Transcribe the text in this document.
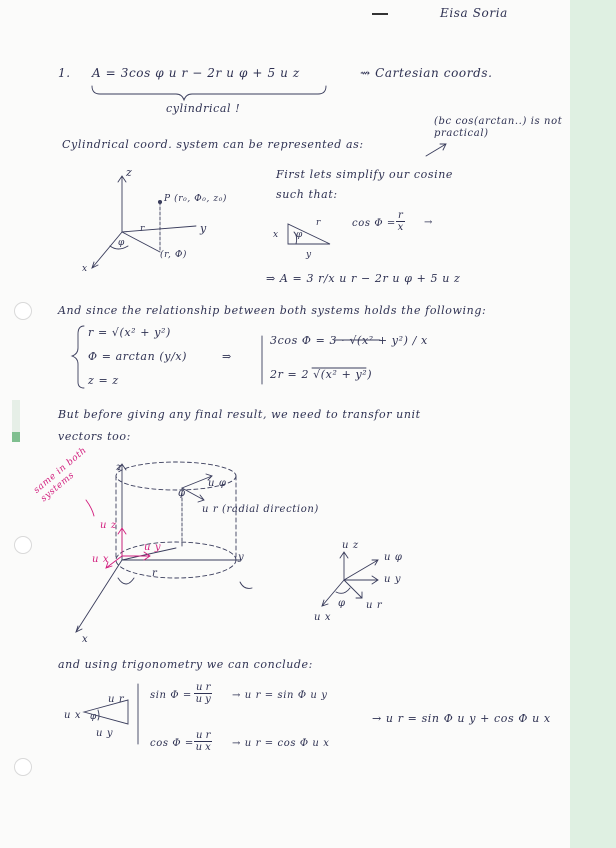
Eisa Soria
1. A = 3cos φ u r − 2r u φ + 5 u z	⇝ Cartesian coords.
cylindrical !
(bc cos(arctan..) is not practical)
Cylindrical coord. system can be represented as:
First lets simplify our cosine
such that:
z
P (r₀, Φ₀, z₀)
y
(r, Φ)
x
r
φ
r
x
y
φ
$\cos \Phi = \frac{r}{x}$ →
⇒ A = 3 r/x u r − 2r u φ + 5 u z
And since the relationship between both systems holds the following:
r = √(x² + y²)
Φ = arctan (y/x)
z = z
⇒
3cos Φ = 3 · √(x² + y²) / x
2r = 2 √(x² + y²)
But before giving any final result, we need to transfor unit
vectors too:
z
φ
u φ
u r (radial direction)
u z
u y
u x
r
y
x
same in both systems
u z
u φ
u y
u r
u x
φ
and using trigonometry we can conclude:
u r
u x
u y
φ
$\sin \Phi = \frac{\text{u r}}{\text{u y}} \to u$ r = sin Φ u y
$\cos \Phi = \frac{\text{u r}}{\text{u x}} \to u$ r = cos Φ u x
→ u r = sin Φ u y + cos Φ u x
